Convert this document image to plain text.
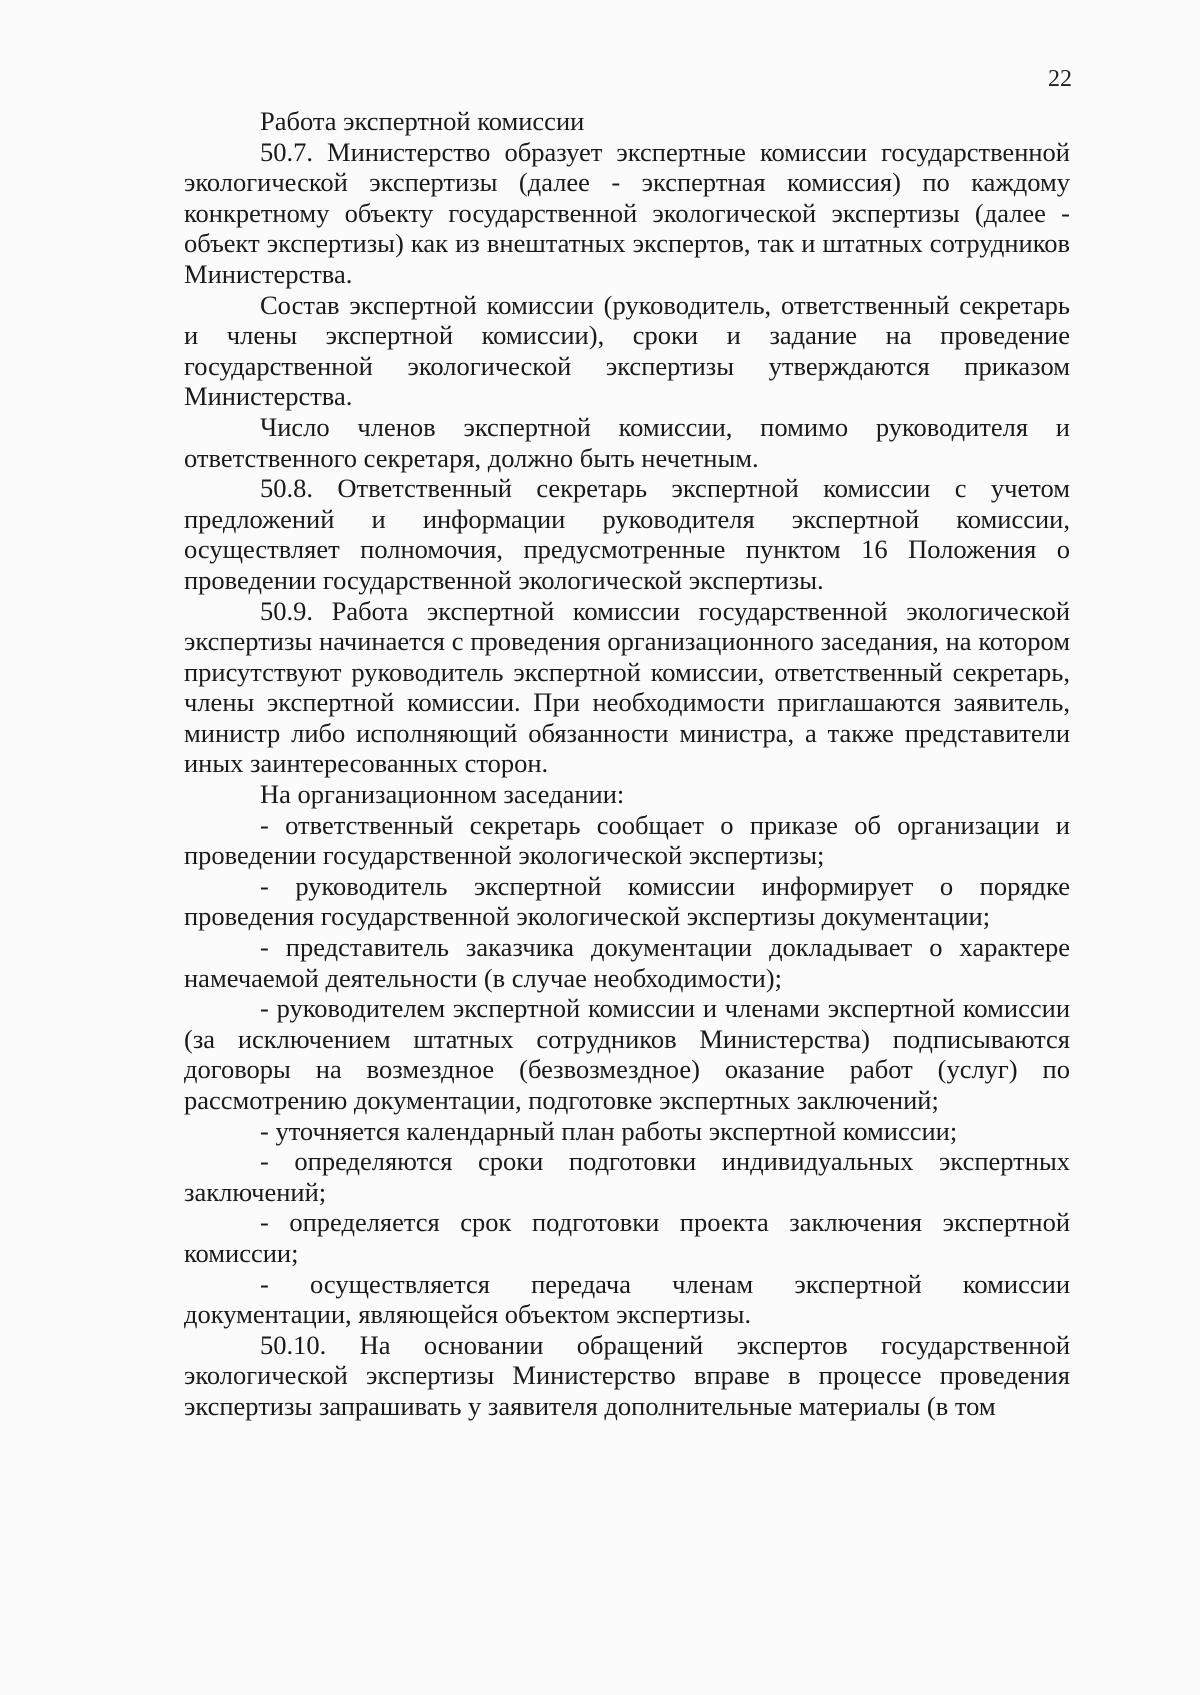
22

Работа экспертной комиссии

50.7. Министерство образует экспертные комиссии государственной экологической экспертизы (далее - экспертная комиссия) по каждому конкретному объекту государственной экологической экспертизы (далее - объект экспертизы) как из внештатных экспертов, так и штатных сотрудников Министерства.

Состав экспертной комиссии (руководитель, ответственный секретарь и члены экспертной комиссии), сроки и задание на проведение государственной экологической экспертизы утверждаются приказом Министерства.

Число членов экспертной комиссии, помимо руководителя и ответственного секретаря, должно быть нечетным.

50.8. Ответственный секретарь экспертной комиссии с учетом предложений и информации руководителя экспертной комиссии, осуществляет полномочия, предусмотренные пунктом 16 Положения о проведении государственной экологической экспертизы.

50.9. Работа экспертной комиссии государственной экологической экспертизы начинается с проведения организационного заседания, на котором присутствуют руководитель экспертной комиссии, ответственный секретарь, члены экспертной комиссии. При необходимости приглашаются заявитель, министр либо исполняющий обязанности министра, а также представители иных заинтересованных сторон.

На организационном заседании:

- ответственный секретарь сообщает о приказе об организации и проведении государственной экологической экспертизы;

- руководитель экспертной комиссии информирует о порядке проведения государственной экологической экспертизы документации;

- представитель заказчика документации докладывает о характере намечаемой деятельности (в случае необходимости);

- руководителем экспертной комиссии и членами экспертной комиссии (за исключением штатных сотрудников Министерства) подписываются договоры на возмездное (безвозмездное) оказание работ (услуг) по рассмотрению документации, подготовке экспертных заключений;

- уточняется календарный план работы экспертной комиссии;

- определяются сроки подготовки индивидуальных экспертных заключений;

- определяется срок подготовки проекта заключения экспертной комиссии;

- осуществляется передача членам экспертной комиссии документации, являющейся объектом экспертизы.

50.10. На основании обращений экспертов государственной экологической экспертизы Министерство вправе в процессе проведения экспертизы запрашивать у заявителя дополнительные материалы (в том
